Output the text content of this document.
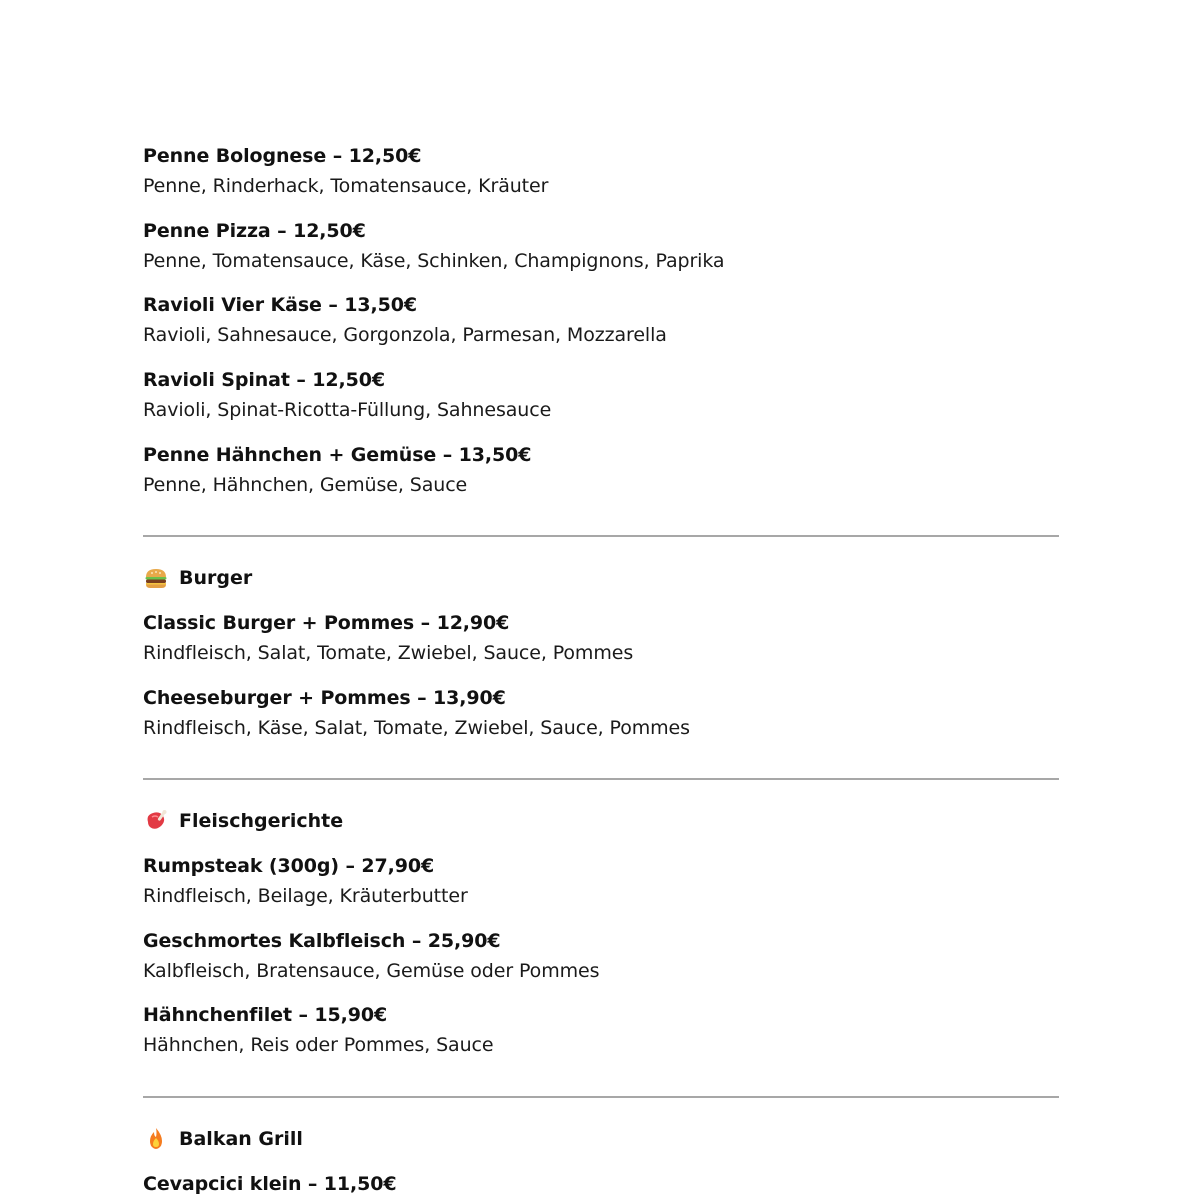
Penne Bolognese – 12,50€
Penne, Rinderhack, Tomatensauce, Kräuter
Penne Pizza – 12,50€
Penne, Tomatensauce, Käse, Schinken, Champignons, Paprika
Ravioli Vier Käse – 13,50€
Ravioli, Sahnesauce, Gorgonzola, Parmesan, Mozzarella
Ravioli Spinat – 12,50€
Ravioli, Spinat-Ricotta-Füllung, Sahnesauce
Penne Hähnchen + Gemüse – 13,50€
Penne, Hähnchen, Gemüse, Sauce
Burger
Classic Burger + Pommes – 12,90€
Rindfleisch, Salat, Tomate, Zwiebel, Sauce, Pommes
Cheeseburger + Pommes – 13,90€
Rindfleisch, Käse, Salat, Tomate, Zwiebel, Sauce, Pommes
Fleischgerichte
Rumpsteak (300g) – 27,90€
Rindfleisch, Beilage, Kräuterbutter
Geschmortes Kalbfleisch – 25,90€
Kalbfleisch, Bratensauce, Gemüse oder Pommes
Hähnchenfilet – 15,90€
Hähnchen, Reis oder Pommes, Sauce
Balkan Grill
Cevapcici klein – 11,50€
